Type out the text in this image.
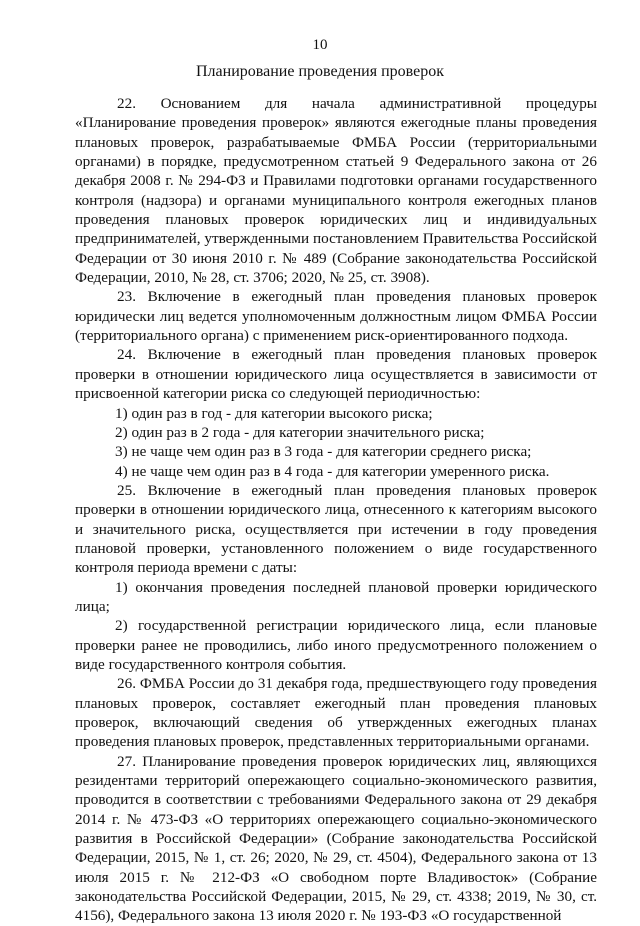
10
Планирование проведения проверок

22. Основанием для начала административной процедуры «Планирование проведения проверок» являются ежегодные планы проведения плановых проверок, разрабатываемые ФМБА России (территориальными органами) в порядке, предусмотренном статьей 9 Федерального закона от 26 декабря 2008 г. № 294-ФЗ и Правилами подготовки органами государственного контроля (надзора) и органами муниципального контроля ежегодных планов проведения плановых проверок юридических лиц и индивидуальных предпринимателей, утвержденными постановлением Правительства Российской Федерации от 30 июня 2010 г. № 489 (Собрание законодательства Российской Федерации, 2010, № 28, ст. 3706; 2020, № 25, ст. 3908).

23. Включение в ежегодный план проведения плановых проверок юридически лиц ведется уполномоченным должностным лицом ФМБА России (территориального органа) с применением риск-ориентированного подхода.

24. Включение в ежегодный план проведения плановых проверок проверки в отношении юридического лица осуществляется в зависимости от присвоенной категории риска со следующей периодичностью:

1) один раз в год - для категории высокого риска;

2) один раз в 2 года - для категории значительного риска;

3) не чаще чем один раз в 3 года - для категории среднего риска;

4) не чаще чем один раз в 4 года - для категории умеренного риска.

25. Включение в ежегодный план проведения плановых проверок проверки в отношении юридического лица, отнесенного к категориям высокого и значительного риска, осуществляется при истечении в году проведения плановой проверки, установленного положением о виде государственного контроля периода времени с даты:

1) окончания проведения последней плановой проверки юридического лица;

2) государственной регистрации юридического лица, если плановые проверки ранее не проводились, либо иного предусмотренного положением о виде государственного контроля события.

26. ФМБА России до 31 декабря года, предшествующего году проведения плановых проверок, составляет ежегодный план проведения плановых проверок, включающий сведения об утвержденных ежегодных планах проведения плановых проверок, представленных территориальными органами.

27. Планирование проведения проверок юридических лиц, являющихся резидентами территорий опережающего социально-экономического развития, проводится в соответствии с требованиями Федерального закона от 29 декабря 2014 г. № 473-ФЗ «О территориях опережающего социально-экономического развития в Российской Федерации» (Собрание законодательства Российской Федерации, 2015, № 1, ст. 26; 2020, № 29, ст. 4504), Федерального закона от 13 июля 2015 г. № 212-ФЗ «О свободном порте Владивосток» (Собрание законодательства Российской Федерации, 2015, № 29, ст. 4338; 2019, № 30, ст. 4156), Федерального закона 13 июля 2020 г. № 193-ФЗ «О государственной
